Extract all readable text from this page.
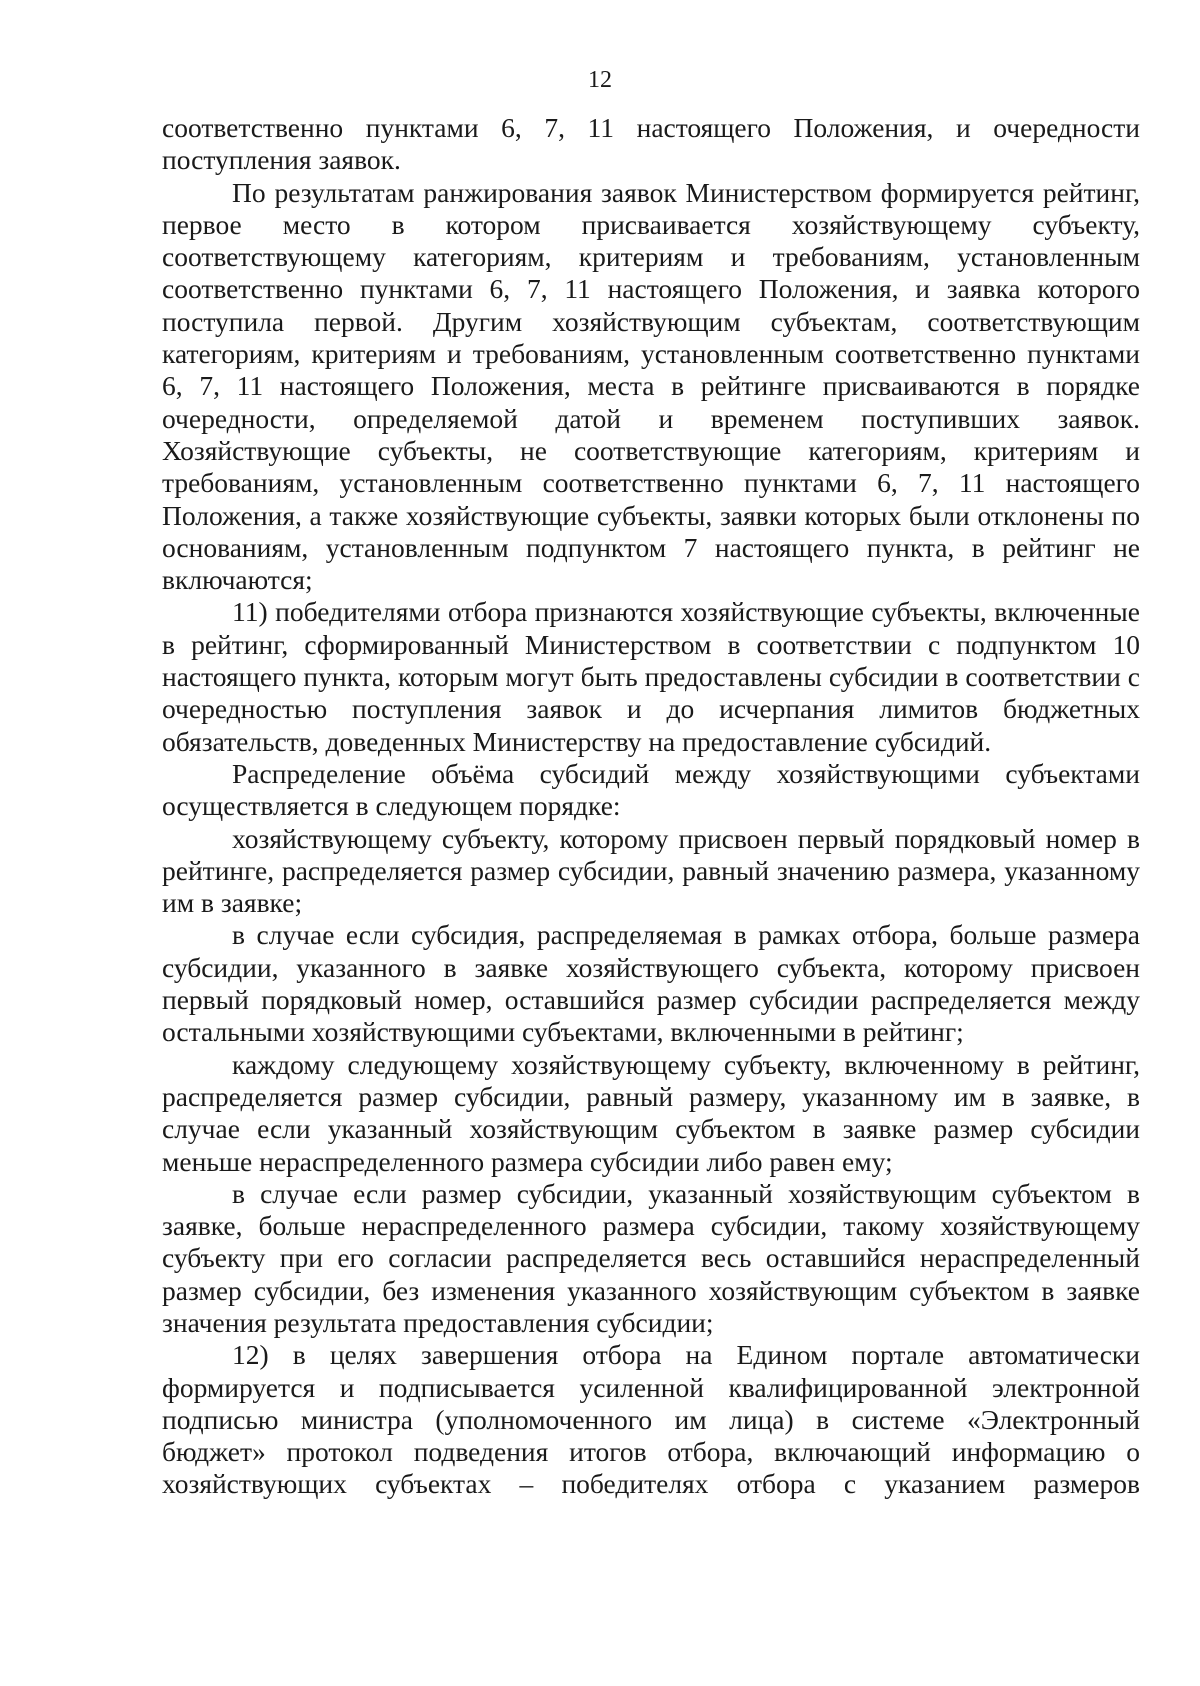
12

соответственно пунктами 6, 7, 11 настоящего Положения, и очередности поступления заявок.

По результатам ранжирования заявок Министерством формируется рейтинг, первое место в котором присваивается хозяйствующему субъекту, соответствующему категориям, критериям и требованиям, установленным соответственно пунктами 6, 7, 11 настоящего Положения, и заявка которого поступила первой. Другим хозяйствующим субъектам, соответствующим категориям, критериям и требованиям, установленным соответственно пунктами 6, 7, 11 настоящего Положения, места в рейтинге присваиваются в порядке очередности, определяемой датой и временем поступивших заявок. Хозяйствующие субъекты, не соответствующие категориям, критериям и требованиям, установленным соответственно пунктами 6, 7, 11 настоящего Положения, а также хозяйствующие субъекты, заявки которых были отклонены по основаниям, установленным подпунктом 7 настоящего пункта, в рейтинг не включаются;

11) победителями отбора признаются хозяйствующие субъекты, включенные в рейтинг, сформированный Министерством в соответствии с подпунктом 10 настоящего пункта, которым могут быть предоставлены субсидии в соответствии с очередностью поступления заявок и до исчерпания лимитов бюджетных обязательств, доведенных Министерству на предоставление субсидий.

Распределение объёма субсидий между хозяйствующими субъектами осуществляется в следующем порядке:

хозяйствующему субъекту, которому присвоен первый порядковый номер в рейтинге, распределяется размер субсидии, равный значению размера, указанному им в заявке;

в случае если субсидия, распределяемая в рамках отбора, больше размера субсидии, указанного в заявке хозяйствующего субъекта, которому присвоен первый порядковый номер, оставшийся размер субсидии распределяется между остальными хозяйствующими субъектами, включенными в рейтинг;

каждому следующему хозяйствующему субъекту, включенному в рейтинг, распределяется размер субсидии, равный размеру, указанному им в заявке, в случае если указанный хозяйствующим субъектом в заявке размер субсидии меньше нераспределенного размера субсидии либо равен ему;

в случае если размер субсидии, указанный хозяйствующим субъектом в заявке, больше нераспределенного размера субсидии, такому хозяйствующему субъекту при его согласии распределяется весь оставшийся нераспределенный размер субсидии, без изменения указанного хозяйствующим субъектом в заявке значения результата предоставления субсидии;

12) в целях завершения отбора на Едином портале автоматически формируется и подписывается усиленной квалифицированной электронной подписью министра (уполномоченного им лица) в системе «Электронный бюджет» протокол подведения итогов отбора, включающий информацию о хозяйствующих субъектах – победителях отбора с указанием размеров
